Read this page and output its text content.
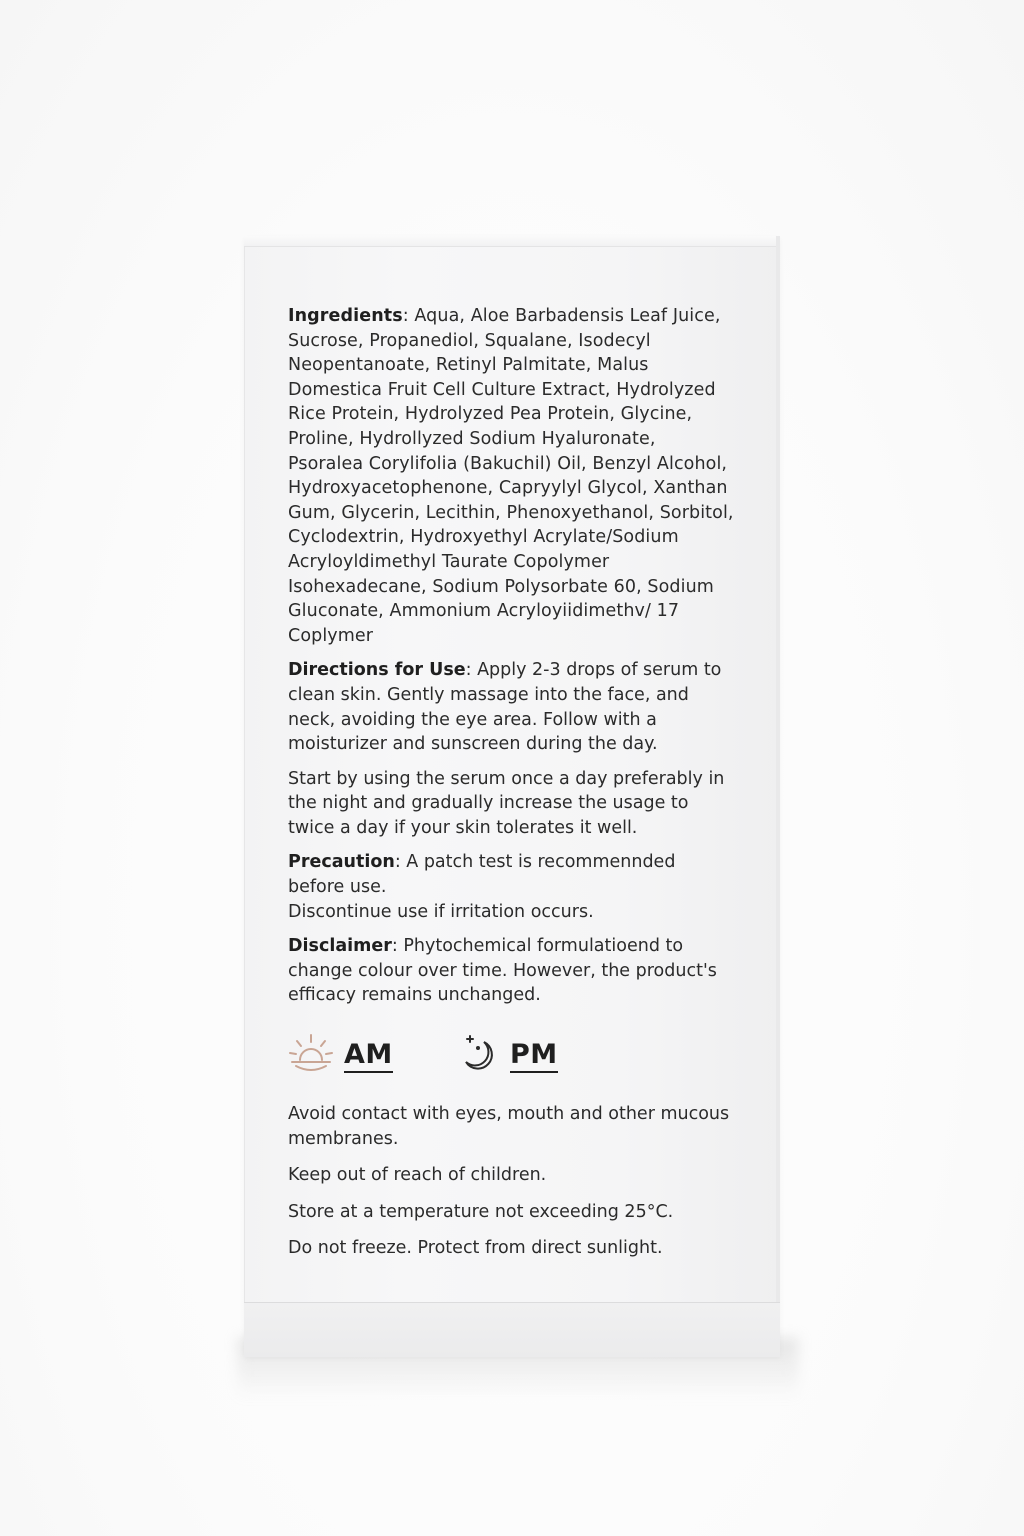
Ingredients: Aqua, Aloe Barbadensis Leaf Juice, Sucrose, Propanediol, Squalane, Isodecyl Neopentanoate, Retinyl Palmitate, Malus Domestica Fruit Cell Culture Extract, Hydrolyzed Rice Protein, Hydrolyzed Pea Protein, Glycine, Proline, Hydrollyzed Sodium Hyaluronate, Psoralea Corylifolia (Bakuchil) Oil, Benzyl Alcohol, Hydroxyacetophenone, Capryylyl Glycol, Xanthan Gum, Glycerin, Lecithin, Phenoxyethanol, Sorbitol, Cyclodextrin, Hydroxyethyl Acrylate/Sodium Acryloyldimethyl Taurate Copolymer Isohexadecane, Sodium Polysorbate 60, Sodium Gluconate, Ammonium Acryloyiidimethv/ 17 Coplymer

Directions for Use: Apply 2-3 drops of serum to clean skin. Gently massage into the face, and neck, avoiding the eye area. Follow with a moisturizer and sunscreen during the day.

Start by using the serum once a day preferably in the night and gradually increase the usage to twice a day if your skin tolerates it well.

Precaution: A patch test is recommennded before use.
Discontinue use if irritation occurs.

Disclaimer: Phytochemical formulatioend to change colour over time. However, the product's efficacy remains unchanged.

AM	PM

Avoid contact with eyes, mouth and other mucous membranes.

Keep out of reach of children.

Store at a temperature not exceeding 25°C.

Do not freeze. Protect from direct sunlight.
